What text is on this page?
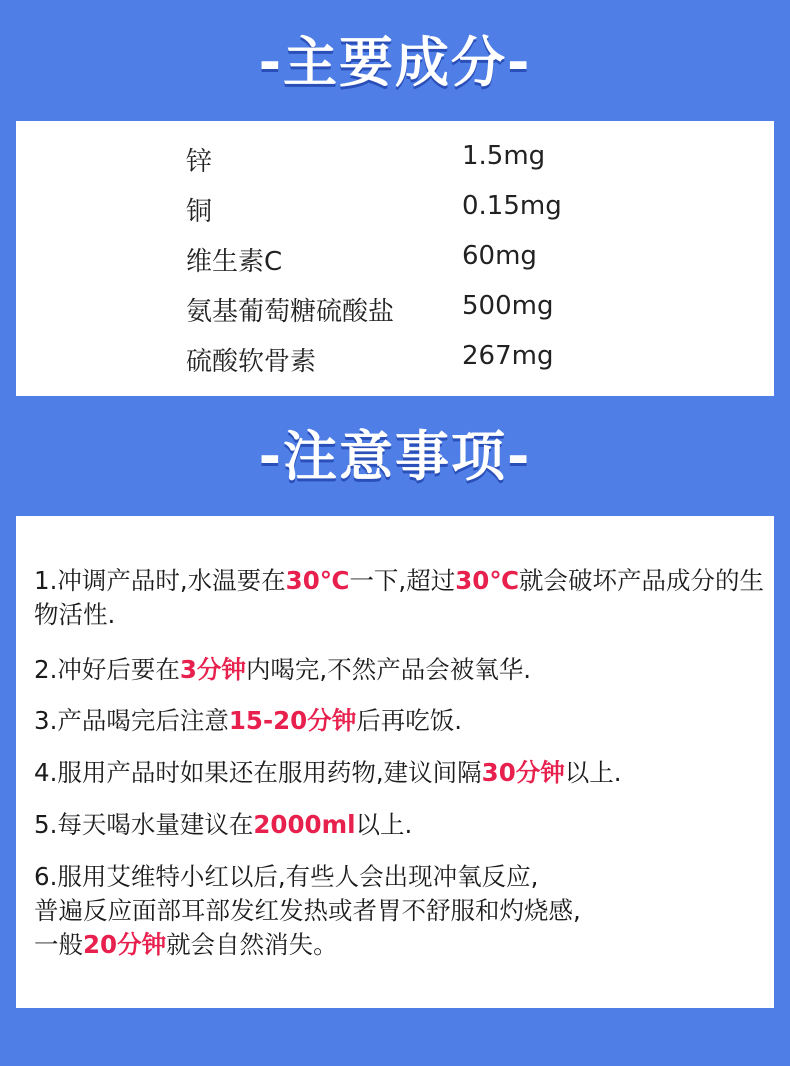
-主要成分-
锌	1.5mg
铜	0.15mg
维生素C	60mg
氨基葡萄糖硫酸盐	500mg
硫酸软骨素	267mg
-注意事项-
1.冲调产品时,水温要在30℃一下,超过30℃就会破坏产品成分的生物活性.
2.冲好后要在3分钟内喝完,不然产品会被氧华.
3.产品喝完后注意15-20分钟后再吃饭.
4.服用产品时如果还在服用药物,建议间隔30分钟以上.
5.每天喝水量建议在2000ml以上.
6.服用艾维特小红以后,有些人会出现冲氧反应,
普遍反应面部耳部发红发热或者胃不舒服和灼烧感,
一般20分钟就会自然消失。
